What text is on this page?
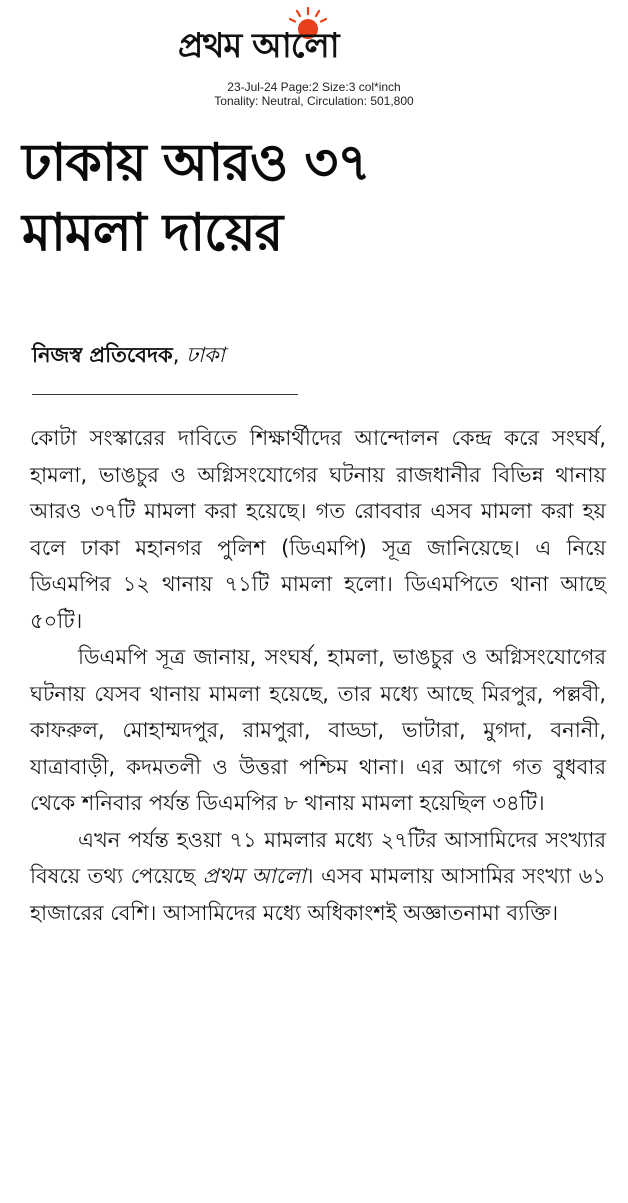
প্রথম আলো
23-Jul-24 Page:2 Size:3 col*inch
Tonality: Neutral, Circulation: 501,800
ঢাকায় আরও ৩৭
মামলা দায়ের
নিজস্ব প্রতিবেদক, ঢাকা

কোটা সংস্কারের দাবিতে শিক্ষার্থীদের আন্দোলন কেন্দ্র করে সংঘর্ষ, হামলা, ভাঙচুর ও অগ্নিসংযোগের ঘটনায় রাজধানীর বিভিন্ন থানায় আরও ৩৭টি মামলা করা হয়েছে। গত রোববার এসব মামলা করা হয় বলে ঢাকা মহানগর পুলিশ (ডিএমপি) সূত্র জানিয়েছে। এ নিয়ে ডিএমপির ১২ থানায় ৭১টি মামলা হলো। ডিএমপিতে থানা আছে ৫০টি।

ডিএমপি সূত্র জানায়, সংঘর্ষ, হামলা, ভাঙচুর ও অগ্নিসংযোগের ঘটনায় যেসব থানায় মামলা হয়েছে, তার মধ্যে আছে মিরপুর, পল্লবী, কাফরুল, মোহাম্মদপুর, রামপুরা, বাড্ডা, ভাটারা, মুগদা, বনানী, যাত্রাবাড়ী, কদমতলী ও উত্তরা পশ্চিম থানা। এর আগে গত বুধবার থেকে শনিবার পর্যন্ত ডিএমপির ৮ থানায় মামলা হয়েছিল ৩৪টি।

এখন পর্যন্ত হওয়া ৭১ মামলার মধ্যে ২৭টির আসামিদের সংখ্যার বিষয়ে তথ্য পেয়েছে প্রথম আলো। এসব মামলায় আসামির সংখ্যা ৬১ হাজারের বেশি। আসামিদের মধ্যে অধিকাংশই অজ্ঞাতনামা ব্যক্তি।
